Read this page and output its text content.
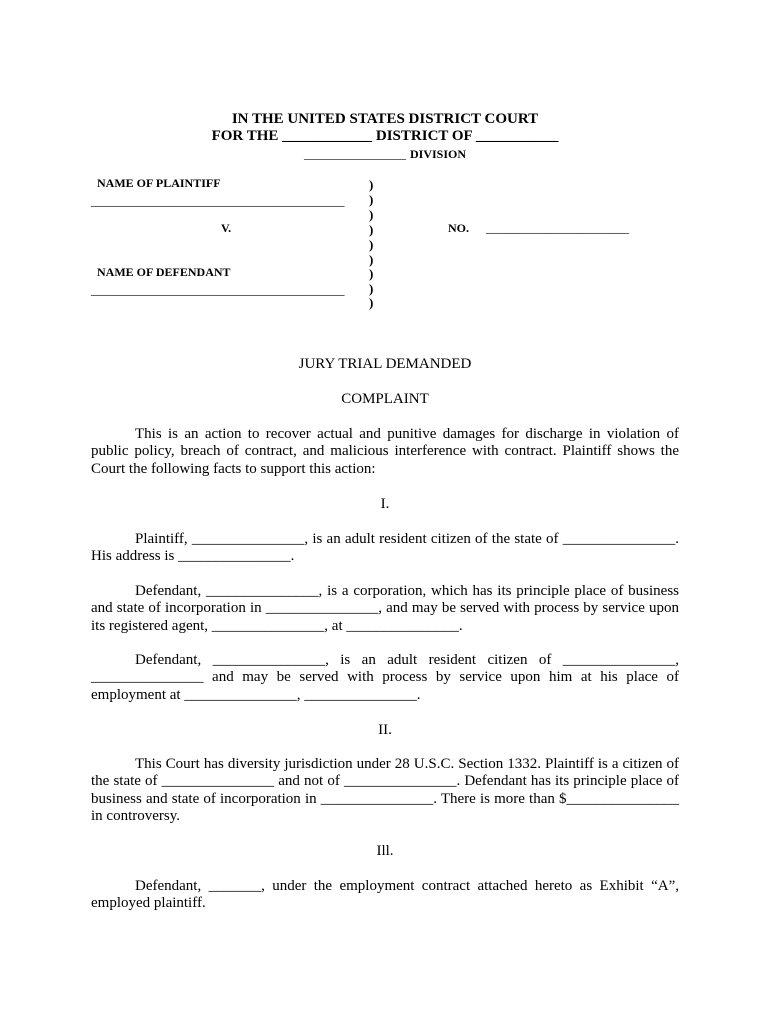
IN THE UNITED STATES DISTRICT COURT
FOR THE ____________ DISTRICT OF ___________
_________________ DIVISION
NAME OF PLAINTIFF
_______________________________________
V.
NAME OF DEFENDANT
_______________________________________
)
)
)
)
)
)
)
)
)
NO. ______________________
JURY TRIAL DEMANDED
COMPLAINT
This is an action to recover actual and punitive damages for discharge in violation of public policy, breach of contract, and malicious interference with contract. Plaintiff shows the Court the following facts to support this action:
I.
Plaintiff, _______________, is an adult resident citizen of the state of _______________. His address is _______________.
Defendant, _______________, is a corporation, which has its principle place of business and state of incorporation in _______________, and may be served with process by service upon its registered agent, _______________, at _______________.
Defendant, _______________, is an adult resident citizen of _______________, _______________ and may be served with process by service upon him at his place of employment at _______________, _______________.
II.
This Court has diversity jurisdiction under 28 U.S.C. Section 1332. Plaintiff is a citizen of the state of _______________ and not of _______________. Defendant has its principle place of business and state of incorporation in _______________. There is more than $_______________ in controversy.
Ill.
Defendant, _______, under the employment contract attached hereto as Exhibit “A”, employed plaintiff.
